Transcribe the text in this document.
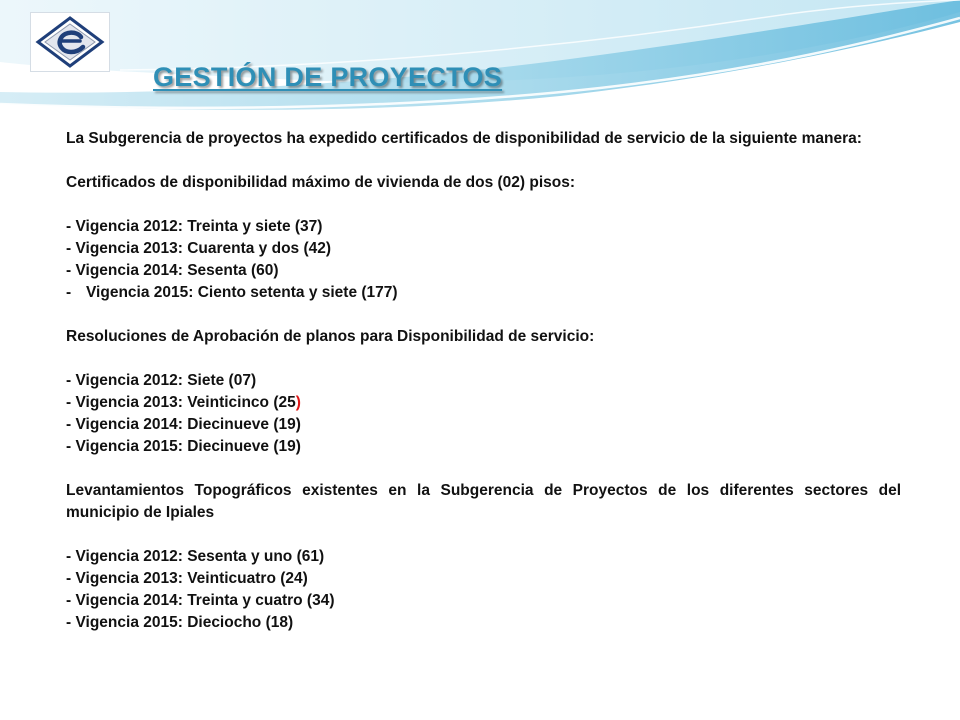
GESTIÓN DE PROYECTOS

La Subgerencia de proyectos ha expedido certificados de disponibilidad de servicio de la siguiente manera:

Certificados de disponibilidad máximo de vivienda de dos (02) pisos:

- Vigencia 2012: Treinta y siete (37)

- Vigencia 2013: Cuarenta y dos (42)

- Vigencia 2014: Sesenta (60)

- Vigencia 2015: Ciento setenta y siete (177)

Resoluciones de Aprobación de planos para Disponibilidad de servicio:

- Vigencia 2012: Siete (07)

- Vigencia 2013: Veinticinco (25)

- Vigencia 2014: Diecinueve (19)

- Vigencia 2015: Diecinueve (19)

Levantamientos Topográficos existentes en la Subgerencia de Proyectos de los diferentes sectores del municipio de Ipiales

- Vigencia 2012: Sesenta y uno (61)

- Vigencia 2013: Veinticuatro (24)

- Vigencia 2014: Treinta y cuatro (34)

- Vigencia 2015: Dieciocho (18)
